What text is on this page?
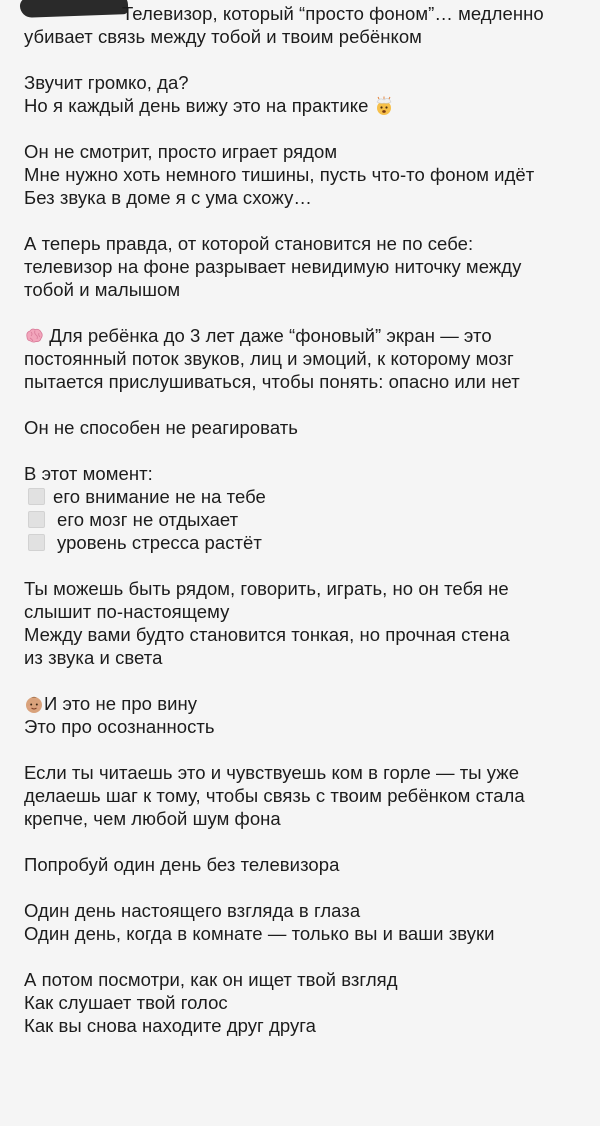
Телевизор, который “просто фоном”… медленно
убивает связь между тобой и твоим ребёнком
Звучит громко, да?
Но я каждый день вижу это на практике
Он не смотрит, просто играет рядом
Мне нужно хоть немного тишины, пусть что-то фоном идёт
Без звука в доме я с ума схожу…
А теперь правда, от которой становится не по себе:
телевизор на фоне разрывает невидимую ниточку между
тобой и малышом
Для ребёнка до 3 лет даже “фоновый” экран — это
постоянный поток звуков, лиц и эмоций, к которому мозг
пытается прислушиваться, чтобы понять: опасно или нет
Он не способен не реагировать
В этот момент:
его внимание не на тебе
его мозг не отдыхает
уровень стресса растёт
Ты можешь быть рядом, говорить, играть, но он тебя не
слышит по-настоящему
Между вами будто становится тонкая, но прочная стена
из звука и света
И это не про вину
Это про осознанность
Если ты читаешь это и чувствуешь ком в горле — ты уже
делаешь шаг к тому, чтобы связь с твоим ребёнком стала
крепче, чем любой шум фона
Попробуй один день без телевизора
Один день настоящего взгляда в глаза
Один день, когда в комнате — только вы и ваши звуки
А потом посмотри, как он ищет твой взгляд
Как слушает твой голос
Как вы снова находите друг друга
